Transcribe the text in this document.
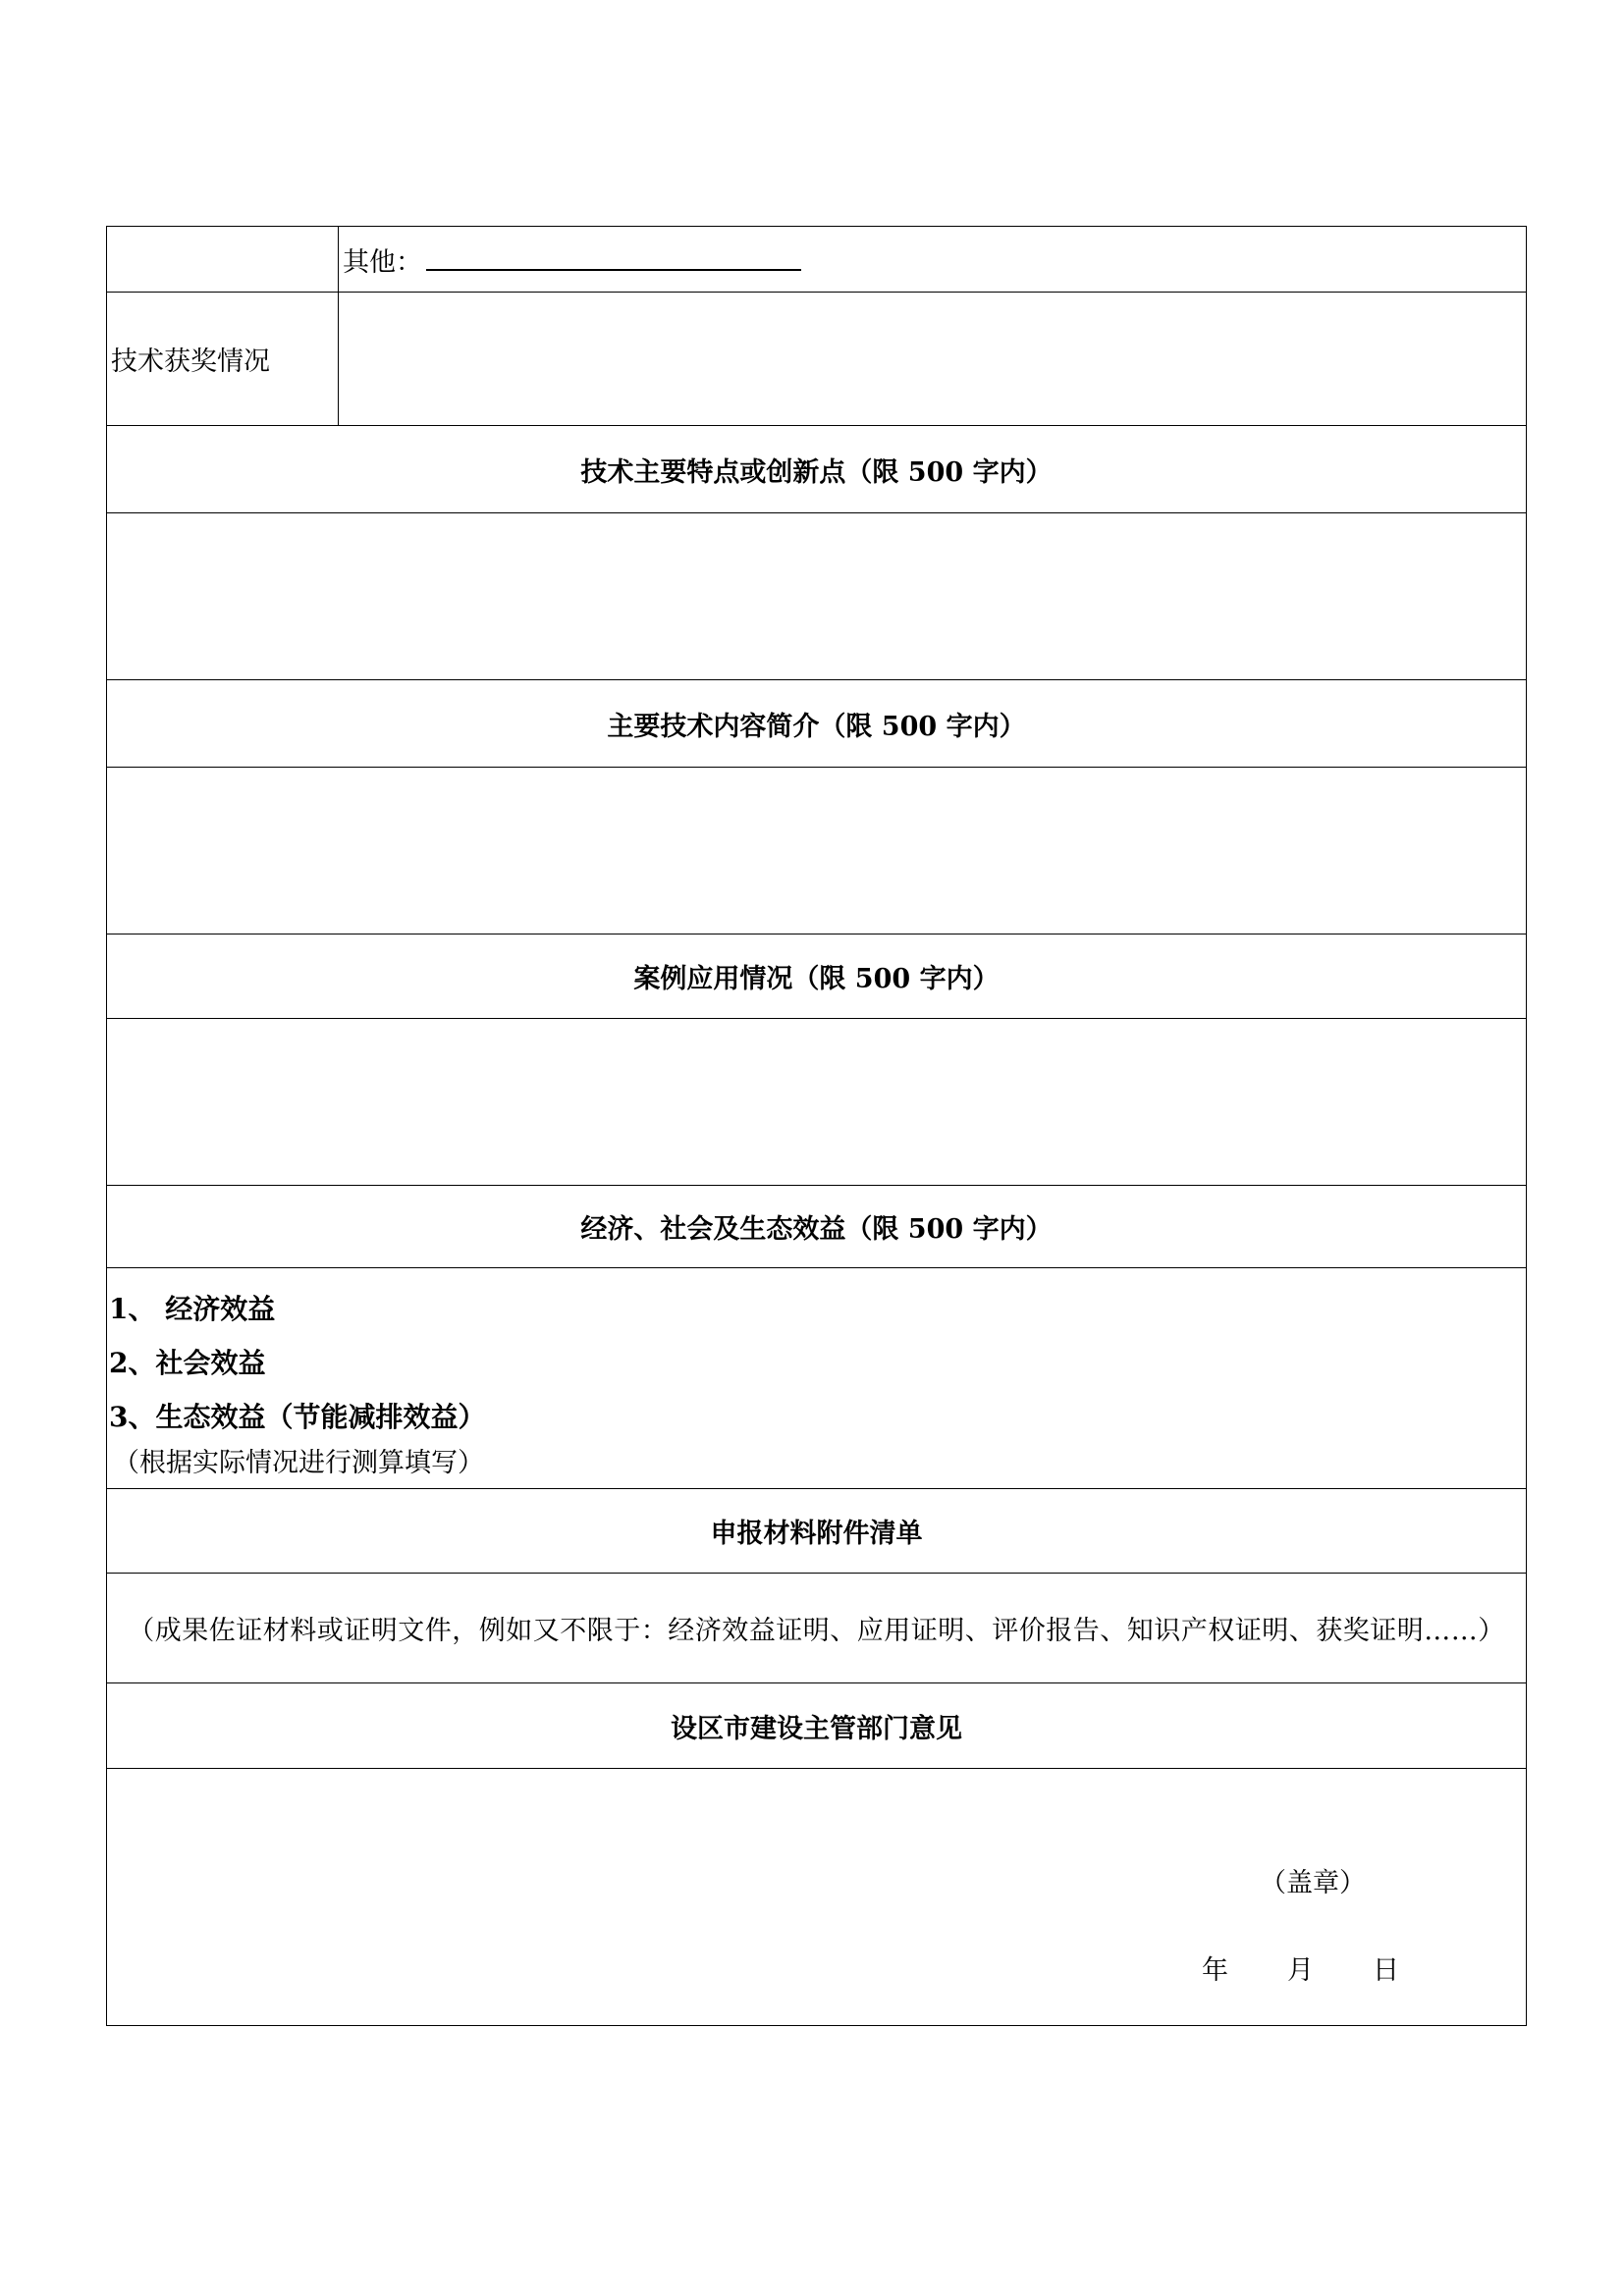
	其他：
技术获奖情况	
技术主要特点或创新点（限 500 字内）	

主要技术内容简介（限 500 字内）	

案例应用情况（限 500 字内）	

经济、社会及生态效益（限 500 字内）	

1、 经济效益
2、社会效益
3、生态效益（节能减排效益）
（根据实际情况进行测算填写）	

申报材料附件清单	
（成果佐证材料或证明文件，例如又不限于：经济效益证明、应用证明、评价报告、知识产权证明、获奖证明……）	
设区市建设主管部门意见	

（盖章）
年 月 日	
